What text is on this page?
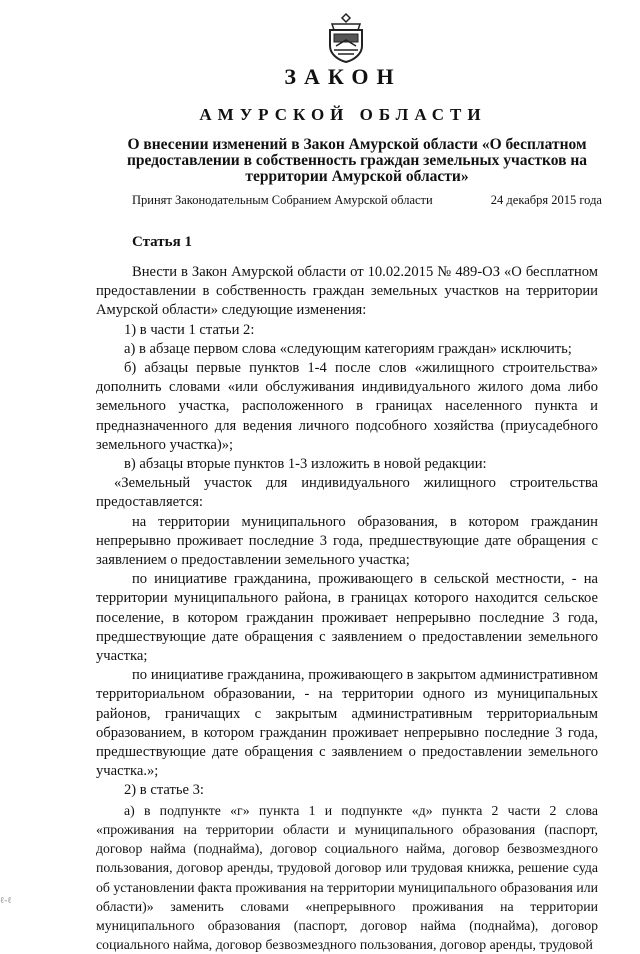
ЗАКОН
АМУРСКОЙ ОБЛАСТИ
О внесении изменений в Закон Амурской области «О бесплатном предоставлении в собственность граждан земельных участков на территории Амурской области»
Принят Законодательным Собранием Амурской области	24 декабря 2015 года
Статья 1

Внести в Закон Амурской области от 10.02.2015 № 489-ОЗ «О бесплатном предоставлении в собственность граждан земельных участков на территории Амурской области» следующие изменения:

1) в части 1 статьи 2:

а) в абзаце первом слова «следующим категориям граждан» исключить;

б) абзацы первые пунктов 1-4 после слов «жилищного строительства» дополнить словами «или обслуживания индивидуального жилого дома либо земельного участка, расположенного в границах населенного пункта и предназначенного для ведения личного подсобного хозяйства (приусадебного земельного участка)»;

в) абзацы вторые пунктов 1-3 изложить в новой редакции:

«Земельный участок для индивидуального жилищного строительства предоставляется:

на территории муниципального образования, в котором гражданин непрерывно проживает последние 3 года, предшествующие дате обращения с заявлением о предоставлении земельного участка;

по инициативе гражданина, проживающего в сельской местности, - на территории муниципального района, в границах которого находится сельское поселение, в котором гражданин проживает непрерывно последние 3 года, предшествующие дате обращения с заявлением о предоставлении земельного участка;

по инициативе гражданина, проживающего в закрытом административном территориальном образовании, - на территории одного из муниципальных районов, граничащих с закрытым административным территориальным образованием, в котором гражданин проживает непрерывно последние 3 года, предшествующие дате обращения с заявлением о предоставлении земельного участка.»;

2) в статье 3:

а) в подпункте «г» пункта 1 и подпункте «д» пункта 2 части 2 слова «проживания на территории области и муниципального образования (паспорт, договор найма (поднайма), договор социального найма, договор безвозмездного пользования, договор аренды, трудовой договор или трудовая книжка, решение суда об установлении факта проживания на территории муниципального образования или области)» заменить словами «непрерывного проживания на территории муниципального образования (паспорт, договор найма (поднайма), договор социального найма, договор безвозмездного пользования, договор аренды, трудовой

ℓ-ℓ
